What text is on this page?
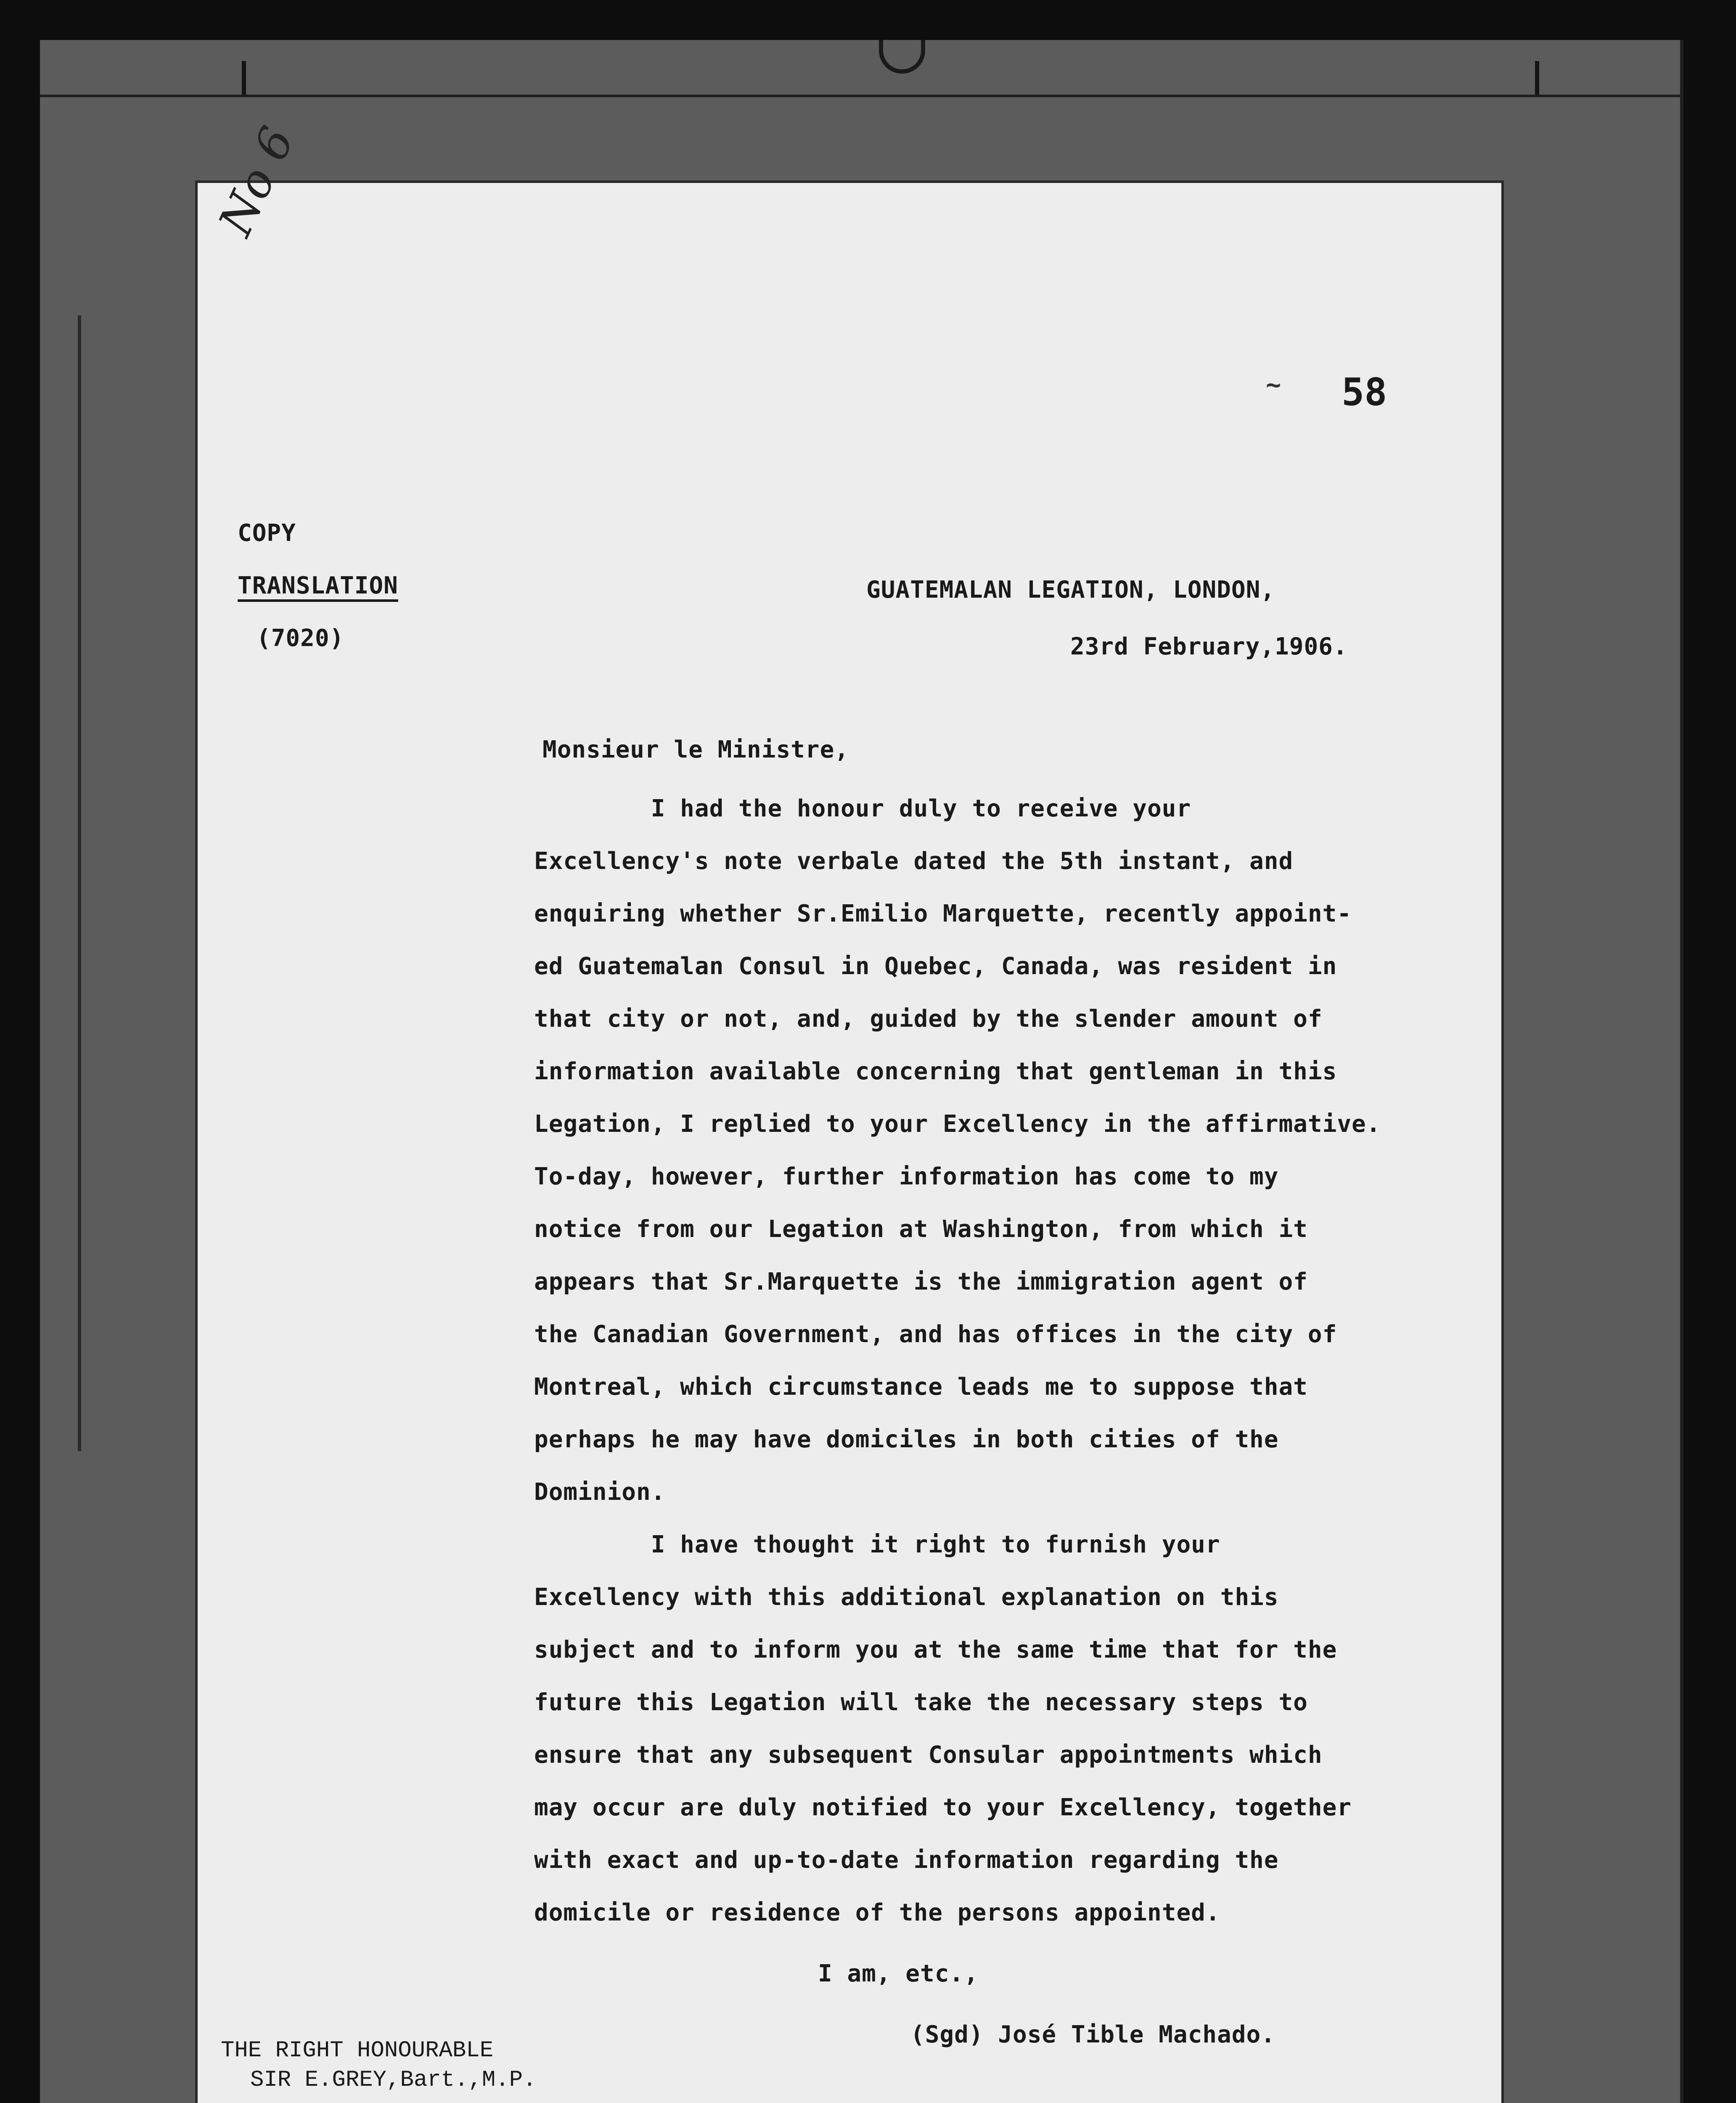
No 6
~ 58
COPY
TRANSLATION
(7020)
GUATEMALAN LEGATION, LONDON,
23rd February,1906.
Monsieur le Ministre,
I had the honour duly to receive your
Excellency's note verbale dated the 5th instant, and
enquiring whether Sr.Emilio Marquette, recently appoint-
ed Guatemalan Consul in Quebec, Canada, was resident in
that city or not, and, guided by the slender amount of
information available concerning that gentleman in this
Legation, I replied to your Excellency in the affirmative.
To-day, however, further information has come to my
notice from our Legation at Washington, from which it
appears that Sr.Marquette is the immigration agent of
the Canadian Government, and has offices in the city of
Montreal, which circumstance leads me to suppose that
perhaps he may have domiciles in both cities of the
Dominion.
I have thought it right to furnish your
Excellency with this additional explanation on this
subject and to inform you at the same time that for the
future this Legation will take the necessary steps to
ensure that any subsequent Consular appointments which
may occur are duly notified to your Excellency, together
with exact and up-to-date information regarding the
domicile or residence of the persons appointed.
I am, etc.,
(Sgd) José Tible Machado.
THE RIGHT HONOURABLE
SIR E.GREY,Bart.,M.P.
